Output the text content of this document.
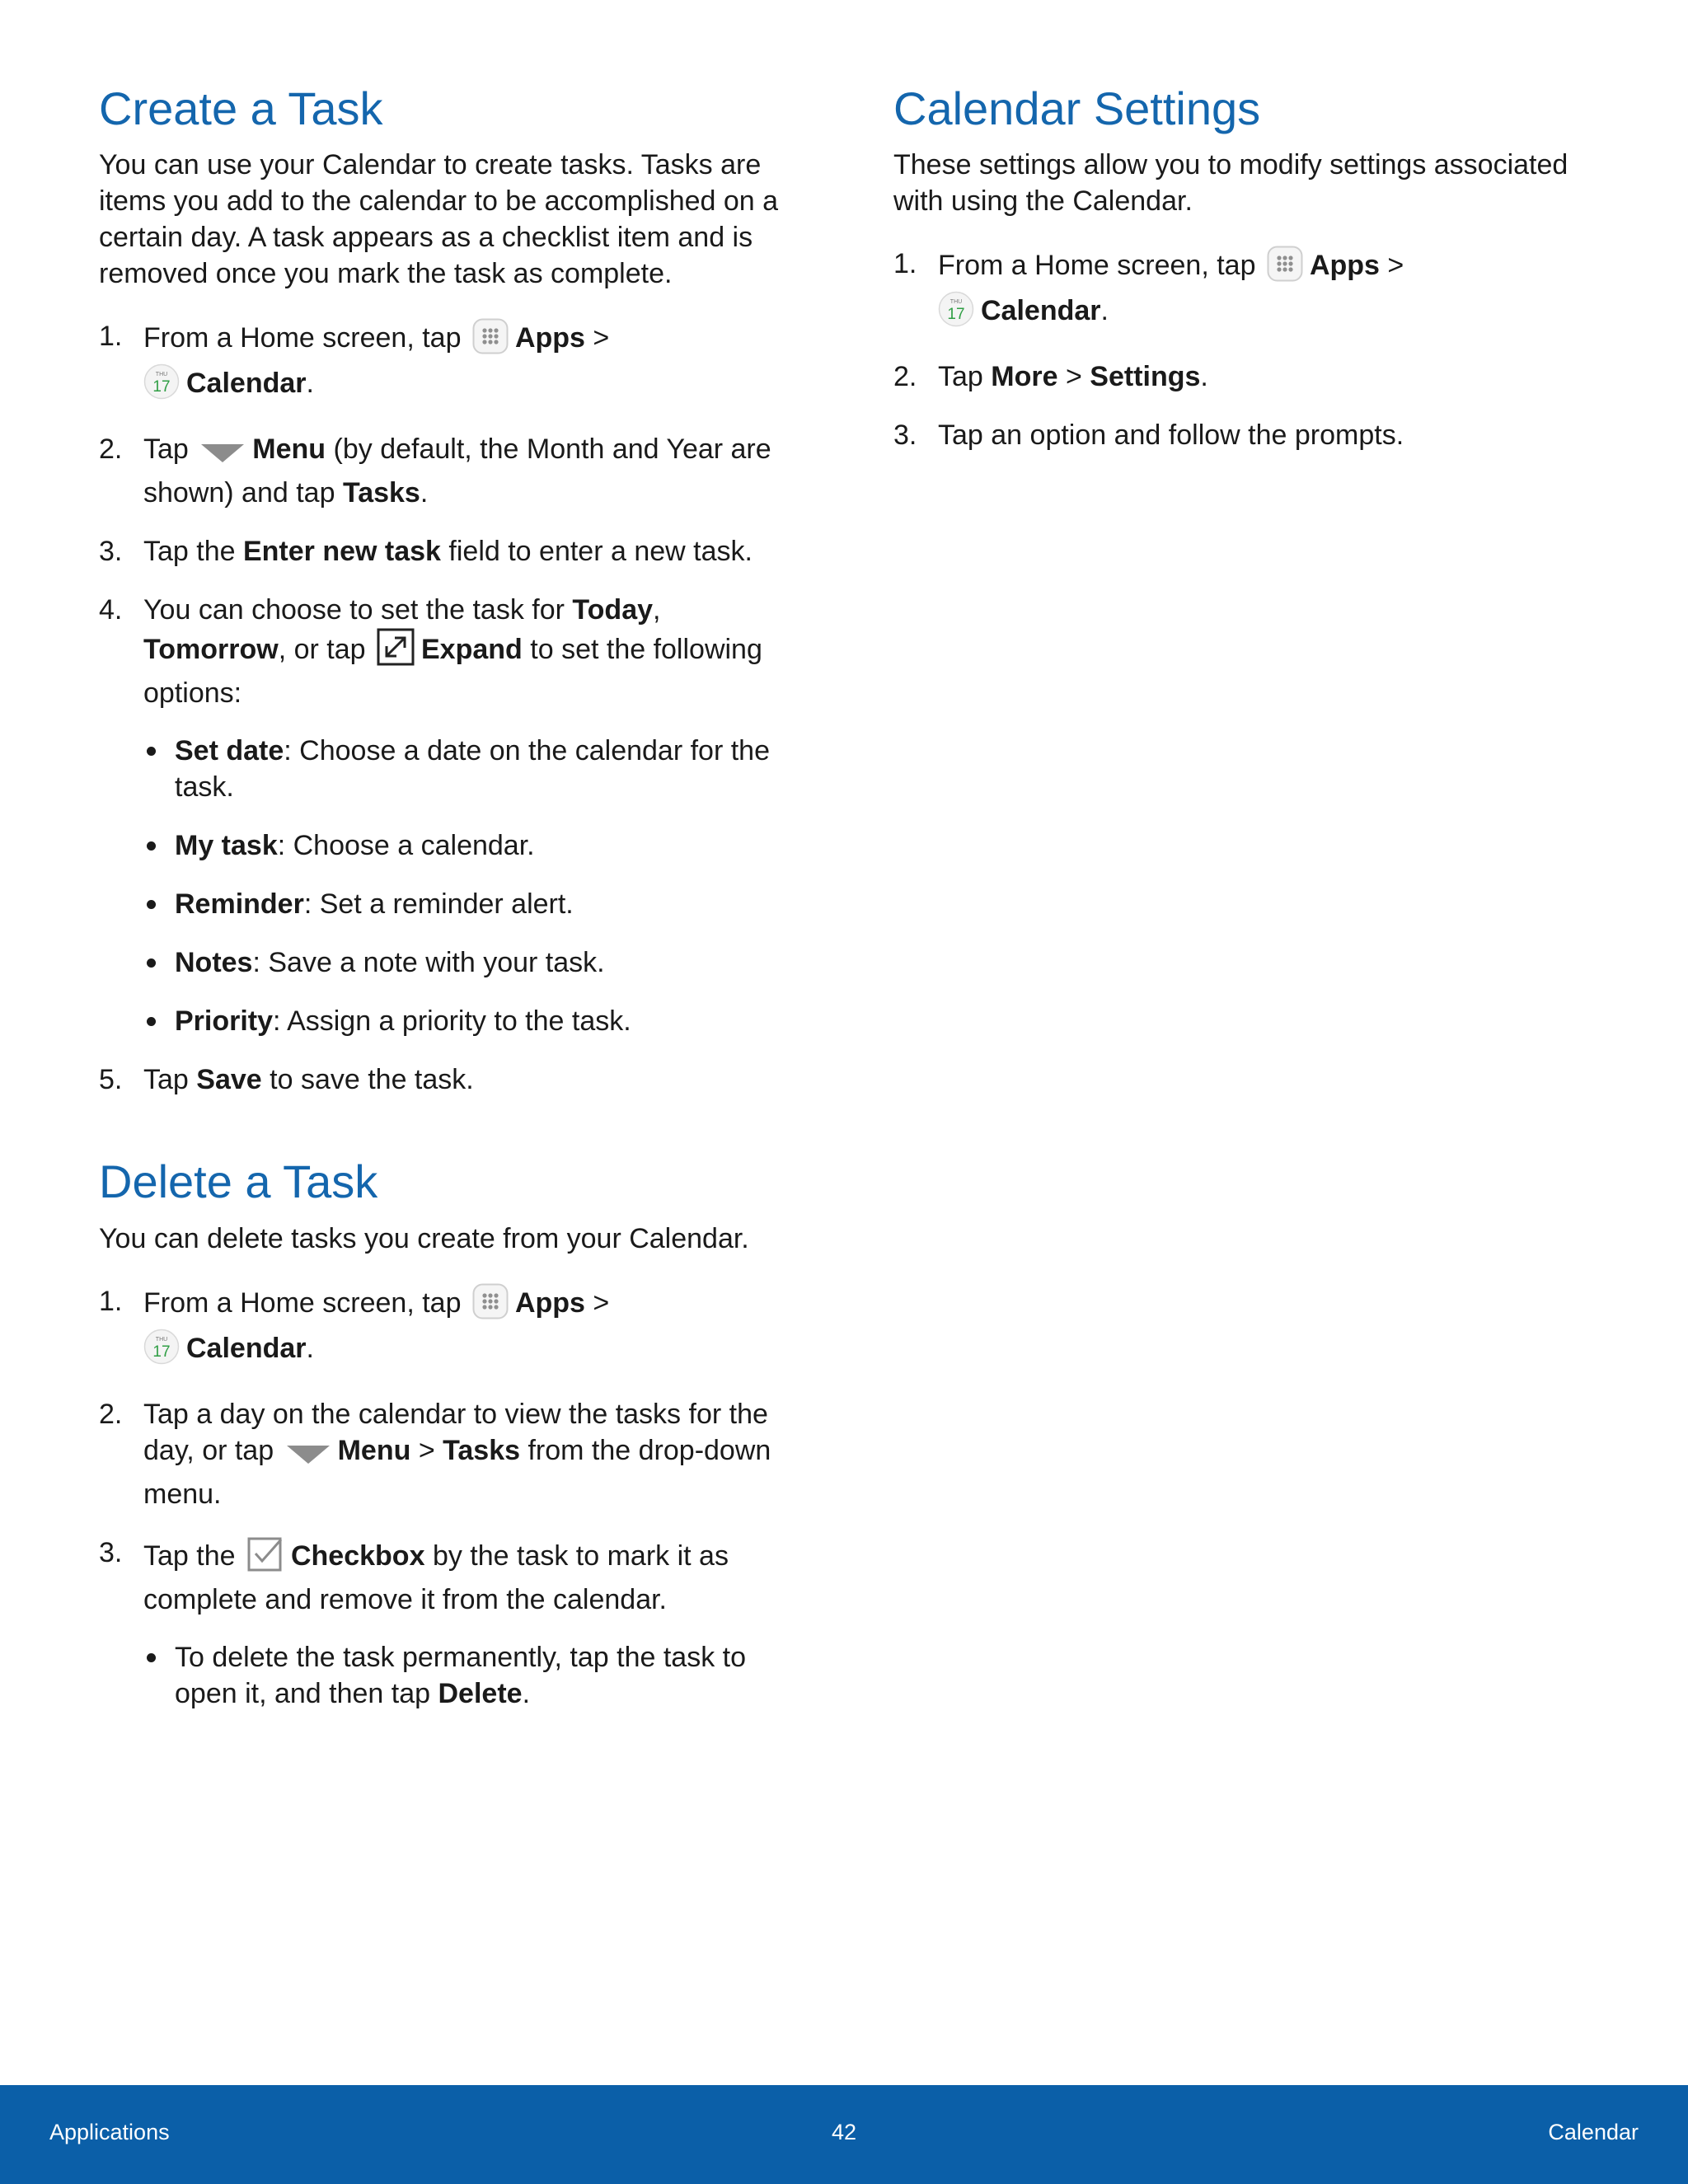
Create a Task

You can use your Calendar to create tasks. Tasks are items you add to the calendar to be accomplished on a certain day. A task appears as a checklist item and is removed once you mark the task as complete.

1. From a Home screen, tap Apps >

THU
17 Calendar.
2. Tap Menu (by default, the Month and Year are shown) and tap Tasks.
3. Tap the Enter new task field to enter a new task.
4. You can choose to set the task for Today, Tomorrow, or tap Expand to set the following options:
Set date: Choose a date on the calendar for the task.
My task: Choose a calendar.
Reminder: Set a reminder alert.
Notes: Save a note with your task.
Priority: Assign a priority to the task.
5. Tap Save to save the task.
Delete a Task

You can delete tasks you create from your Calendar.

1. From a Home screen, tap Apps >

THU
17 Calendar.
2. Tap a day on the calendar to view the tasks for the day, or tap Menu > Tasks from the drop-down menu.
3. Tap the Checkbox by the task to mark it as complete and remove it from the calendar.
To delete the task permanently, tap the task to open it, and then tap Delete.
Calendar Settings

These settings allow you to modify settings associated with using the Calendar.

1. From a Home screen, tap Apps >

THU
17 Calendar.
2. Tap More > Settings.
3. Tap an option and follow the prompts.
Applications	42	Calendar
